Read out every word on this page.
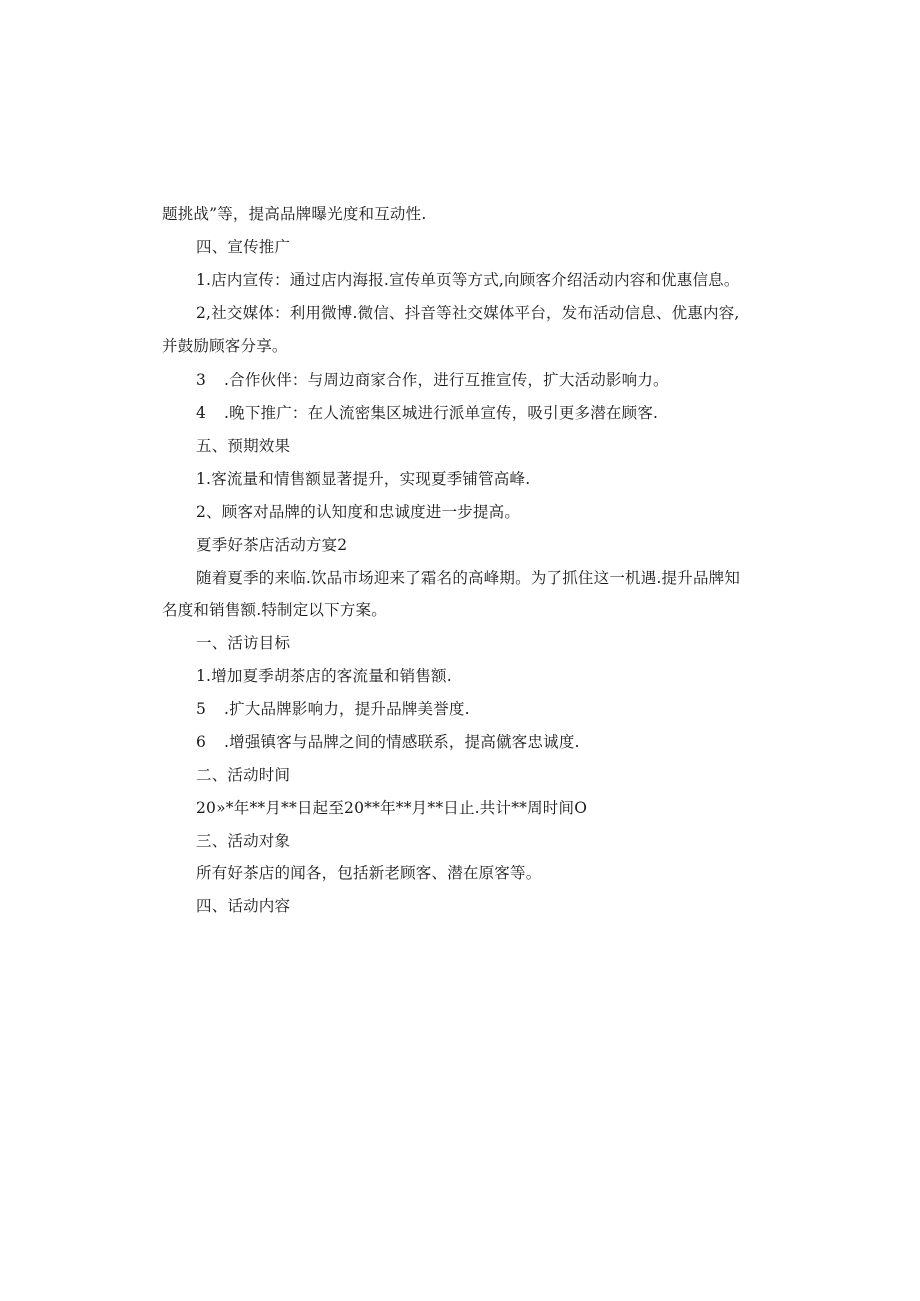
题挑战”等，提高品牌曝光度和互动性.
四、宣传推广
1.店内宣传：通过店内海报.宣传单页等方式,向顾客介绍活动内容和优惠信息。
2,社交媒体：利用微博.微信、抖音等社交媒体平台，发布活动信息、优惠内容,
并鼓励顾客分享。
3 .合作伙伴：与周边商家合作，进行互推宣传，扩大活动影响力。
4 .晚下推广：在人流密集区城进行派单宣传，吸引更多潜在顾客.
五、预期效果
1.客流量和情售额显著提升，实现夏季铺管高峰.
2、顾客对品牌的认知度和忠诚度进一步提高。
夏季好茶店活动方宴2
随着夏季的来临.饮品市场迎来了霜名的高峰期。为了抓住这一机遇.提升品牌知
名度和销售额.特制定以下方案。
一、活访目标
1.增加夏季胡茶店的客流量和销售额.
5 .扩大品牌影响力，提升品牌美誉度.
6 .增强镇客与品牌之间的情感联系，提高僦客忠诚度.
二、活动时间
20»*年**月**日起至20**年**月**日止.共计**周时间O
三、活动对象
所有好茶店的闻各，包括新老顾客、潜在原客等。
四、话动内容
